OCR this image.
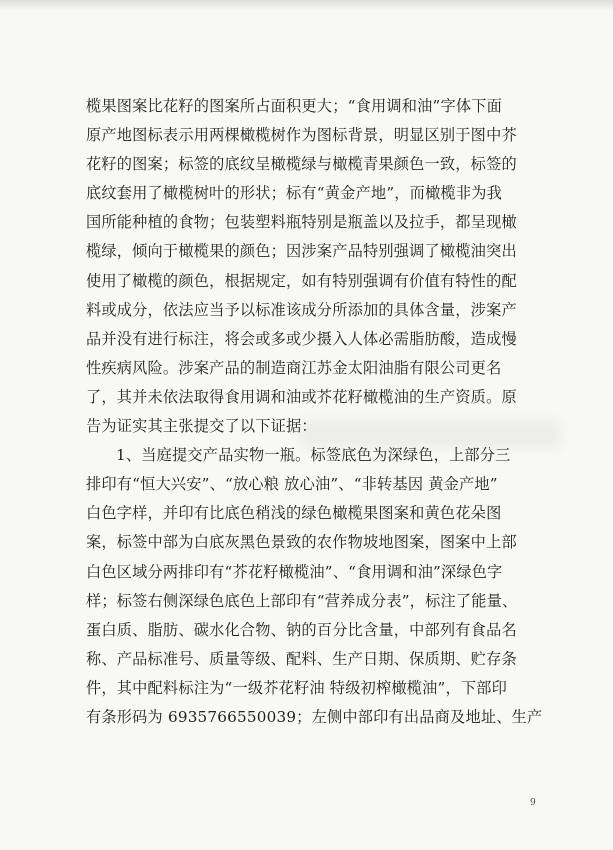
榄果图案比花籽的图案所占面积更大；“食用调和油”字体下面
原产地图标表示用两棵橄榄树作为图标背景，明显区别于图中芥
花籽的图案；标签的底纹呈橄榄绿与橄榄青果颜色一致，标签的
底纹套用了橄榄树叶的形状；标有“黄金产地”，而橄榄非为我
国所能种植的食物；包装塑料瓶特别是瓶盖以及拉手，都呈现橄
榄绿，倾向于橄榄果的颜色；因涉案产品特别强调了橄榄油突出
使用了橄榄的颜色，根据规定，如有特别强调有价值有特性的配
料或成分，依法应当予以标准该成分所添加的具体含量，涉案产
品并没有进行标注，将会或多或少摄入人体必需脂肪酸，造成慢
性疾病风险。涉案产品的制造商江苏金太阳油脂有限公司更名
了，其并未依法取得食用调和油或芥花籽橄榄油的生产资质。原
告为证实其主张提交了以下证据：
1、当庭提交产品实物一瓶。标签底色为深绿色，上部分三
排印有“恒大兴安”、“放心粮 放心油”、“非转基因 黄金产地”
白色字样，并印有比底色稍浅的绿色橄榄果图案和黄色花朵图
案，标签中部为白底灰黑色景致的农作物坡地图案，图案中上部
白色区域分两排印有“芥花籽橄榄油”、“食用调和油”深绿色字
样；标签右侧深绿色底色上部印有“营养成分表”，标注了能量、
蛋白质、脂肪、碳水化合物、钠的百分比含量，中部列有食品名
称、产品标准号、质量等级、配料、生产日期、保质期、贮存条
件，其中配料标注为“一级芥花籽油 特级初榨橄榄油”，下部印
有条形码为 6935766550039；左侧中部印有出品商及地址、生产
9
